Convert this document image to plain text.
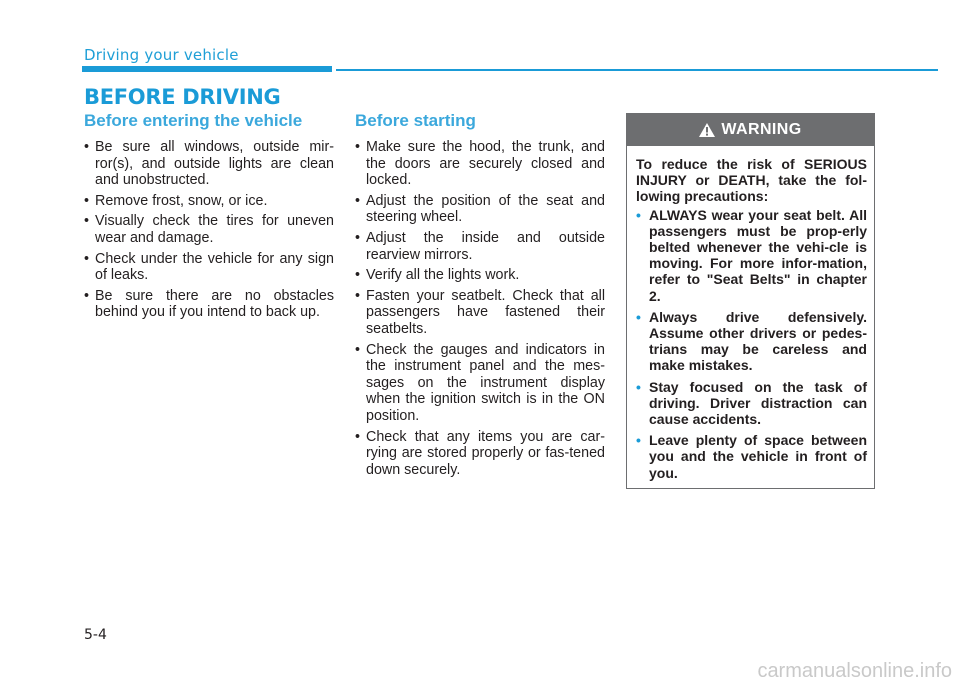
Driving your vehicle
BEFORE DRIVING
Before entering the vehicle
• Be sure all windows, outside mir-ror(s), and outside lights are clean and unobstructed.
• Remove frost, snow, or ice.
• Visually check the tires for uneven wear and damage.
• Check under the vehicle for any sign of leaks.
• Be sure there are no obstacles behind you if you intend to back up.
Before starting
• Make sure the hood, the trunk, and the doors are securely closed and locked.
• Adjust the position of the seat and steering wheel.
• Adjust the inside and outside rearview mirrors.
• Verify all the lights work.
• Fasten your seatbelt. Check that all passengers have fastened their seatbelts.
• Check the gauges and indicators in the instrument panel and the mes-sages on the instrument display when the ignition switch is in the ON position.
• Check that any items you are car-rying are stored properly or fas-tened down securely.
WARNING

To reduce the risk of SERIOUS INJURY or DEATH, take the fol-lowing precautions:

• ALWAYS wear your seat belt. All passengers must be prop-erly belted whenever the vehi-cle is moving. For more infor-mation, refer to "Seat Belts" in chapter 2.
• Always drive defensively. Assume other drivers or pedes-trians may be careless and make mistakes.
• Stay focused on the task of driving. Driver distraction can cause accidents.
• Leave plenty of space between you and the vehicle in front of you.
5-4
carmanualsonline.info
